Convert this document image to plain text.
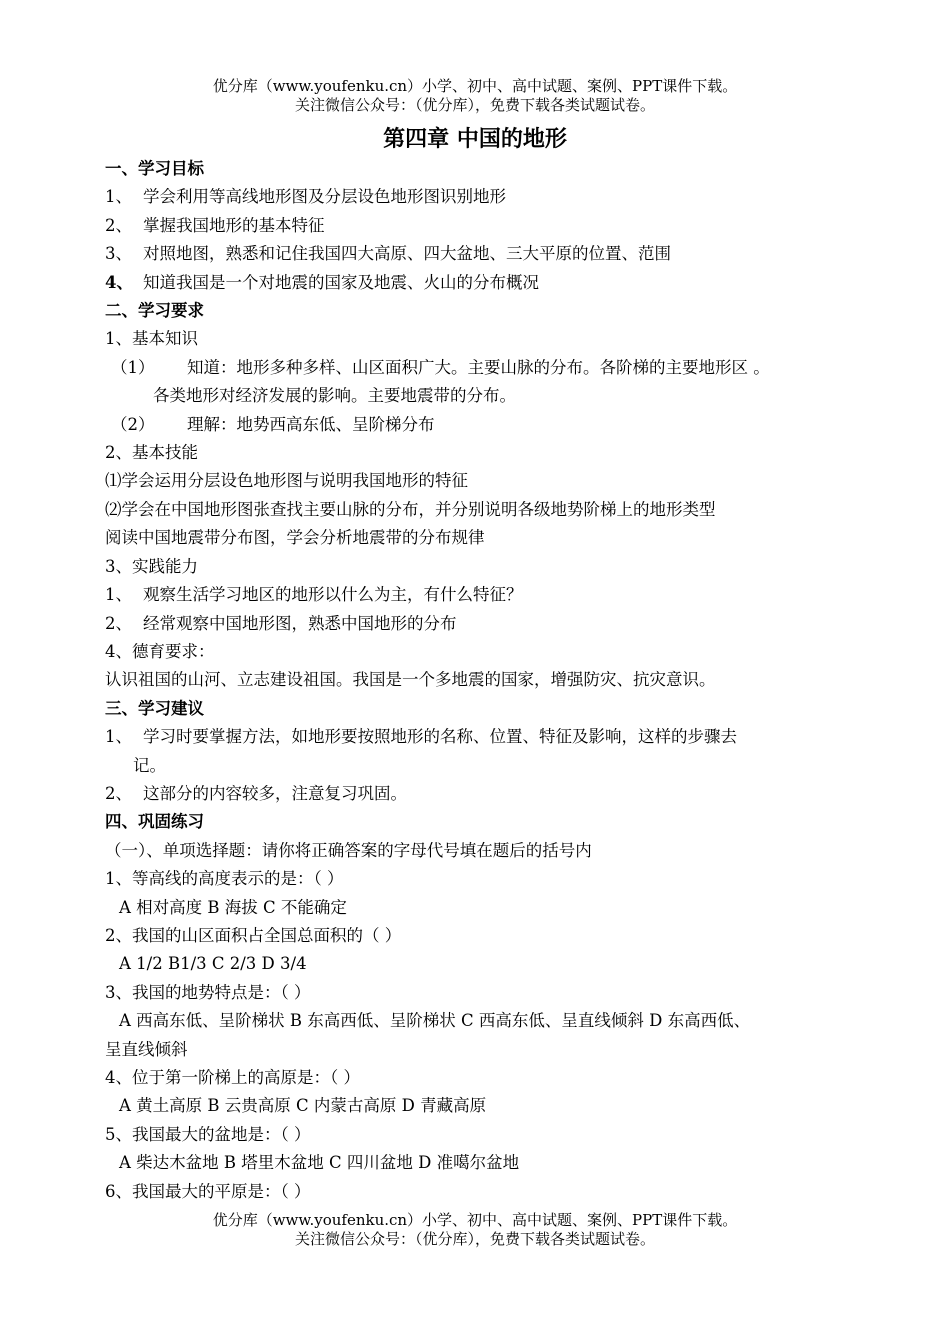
优分库（www.youfenku.cn）小学、初中、高中试题、案例、PPT课件下载。
关注微信公众号：（优分库），免费下载各类试题试卷。
第四章 中国的地形
一、学习目标
1、 学会利用等高线地形图及分层设色地形图识别地形
2、 掌握我国地形的基本特征
3、 对照地图，熟悉和记住我国四大高原、四大盆地、三大平原的位置、范围
4、 知道我国是一个对地震的国家及地震、火山的分布概况
二、学习要求
1、基本知识
（1） 知道：地形多种多样、山区面积广大。主要山脉的分布。各阶梯的主要地形区 。
各类地形对经济发展的影响。主要地震带的分布。
（2） 理解：地势西高东低、呈阶梯分布
2、基本技能
⑴学会运用分层设色地形图与说明我国地形的特征
⑵学会在中国地形图张查找主要山脉的分布，并分别说明各级地势阶梯上的地形类型
阅读中国地震带分布图，学会分析地震带的分布规律
3、实践能力
1、 观察生活学习地区的地形以什么为主，有什么特征？
2、 经常观察中国地形图，熟悉中国地形的分布
4、德育要求：
认识祖国的山河、立志建设祖国。我国是一个多地震的国家，增强防灾、抗灾意识。
三、学习建议
1、 学习时要掌握方法，如地形要按照地形的名称、位置、特征及影响，这样的步骤去
记。
2、 这部分的内容较多，注意复习巩固。
四、巩固练习
（一）、单项选择题：请你将正确答案的字母代号填在题后的括号内
1、等高线的高度表示的是：（ ）
A 相对高度 B 海拔 C 不能确定
2、我国的山区面积占全国总面积的（ ）
A 1/2 B1/3 C 2/3 D 3/4
3、我国的地势特点是：（ ）
A 西高东低、呈阶梯状 B 东高西低、呈阶梯状 C 西高东低、呈直线倾斜 D 东高西低、
呈直线倾斜
4、位于第一阶梯上的高原是：（ ）
A 黄土高原 B 云贵高原 C 内蒙古高原 D 青藏高原
5、我国最大的盆地是：（ ）
A 柴达木盆地 B 塔里木盆地 C 四川盆地 D 准噶尔盆地
6、我国最大的平原是：（ ）
优分库（www.youfenku.cn）小学、初中、高中试题、案例、PPT课件下载。
关注微信公众号：（优分库），免费下载各类试题试卷。
